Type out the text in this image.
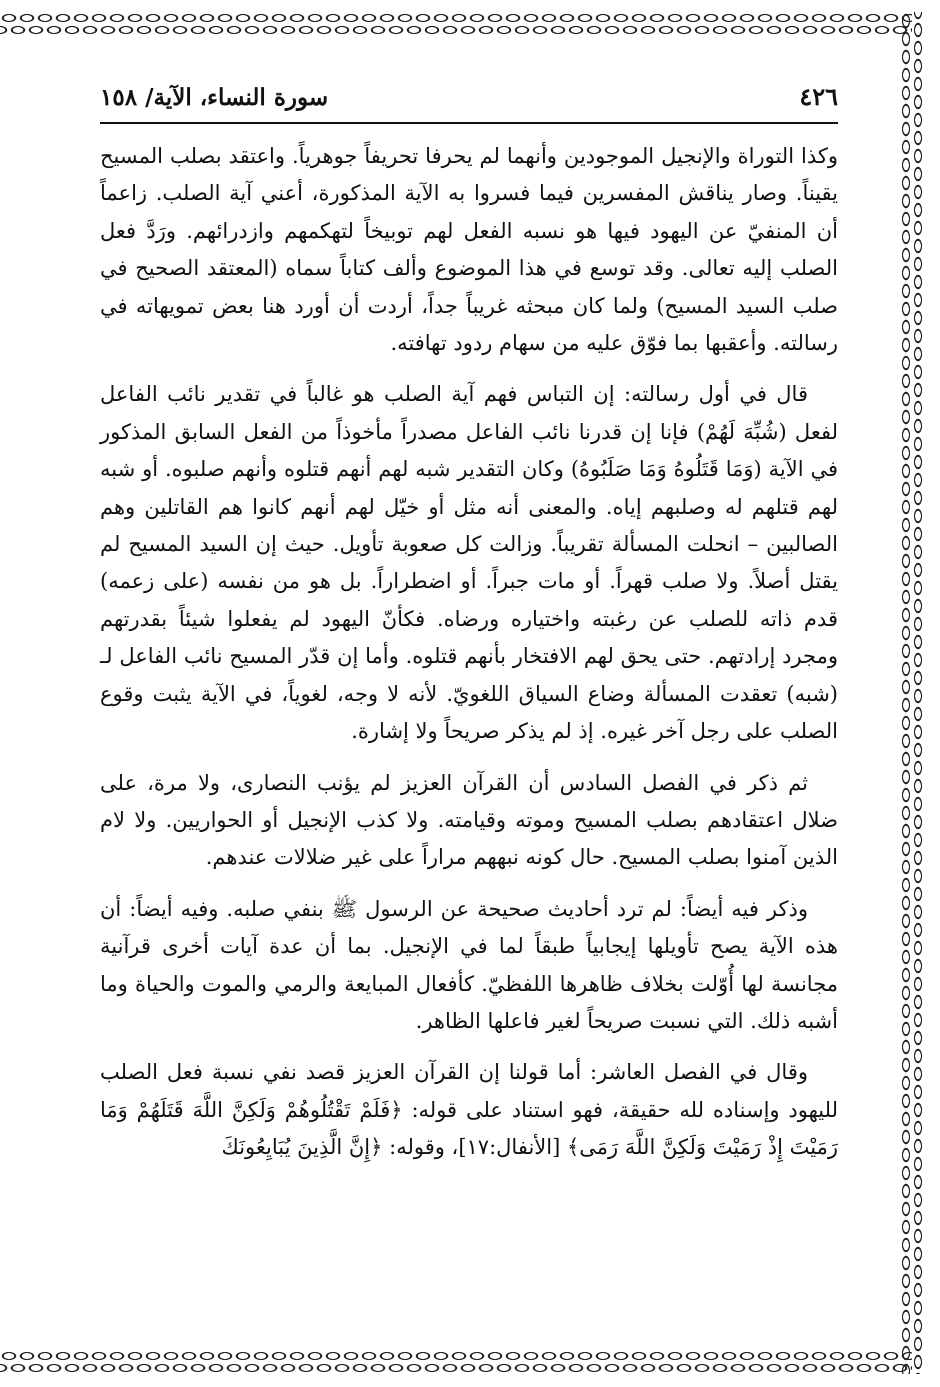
٤٢٦
سورة النساء، الآية/ ١٥٨

وكذا التوراة والإنجيل الموجودين وأنهما لم يحرفا تحريفاً جوهرياً. واعتقد بصلب المسيح يقيناً. وصار يناقش المفسرين فيما فسروا به الآية المذكورة، أعني آية الصلب. زاعماً أن المنفيّ عن اليهود فيها هو نسبه الفعل لهم توبيخاً لتهكمهم وازدرائهم. ورَدَّ فعل الصلب إليه تعالى. وقد توسع في هذا الموضوع وألف كتاباً سماه (المعتقد الصحيح في صلب السيد المسيح) ولما كان مبحثه غريباً جداً، أردت أن أورد هنا بعض تمويهاته في رسالته. وأعقبها بما فوّق عليه من سهام ردود تهافته.

قال في أول رسالته: إن التباس فهم آية الصلب هو غالباً في تقدير نائب الفاعل لفعل (شُبِّهَ لَهُمْ) فإنا إن قدرنا نائب الفاعل مصدراً مأخوذاً من الفعل السابق المذكور في الآية (وَمَا قَتَلُوهُ وَمَا صَلَبُوهُ) وكان التقدير شبه لهم أنهم قتلوه وأنهم صلبوه. أو شبه لهم قتلهم له وصلبهم إياه. والمعنى أنه مثل أو خيّل لهم أنهم كانوا هم القاتلين وهم الصالبين – انحلت المسألة تقريباً. وزالت كل صعوبة تأويل. حيث إن السيد المسيح لم يقتل أصلاً. ولا صلب قهراً. أو مات جبراً. أو اضطراراً. بل هو من نفسه (على زعمه) قدم ذاته للصلب عن رغبته واختياره ورضاه. فكأنّ اليهود لم يفعلوا شيئاً بقدرتهم ومجرد إرادتهم. حتى يحق لهم الافتخار بأنهم قتلوه. وأما إن قدّر المسيح نائب الفاعل لـ (شبه) تعقدت المسألة وضاع السياق اللغويّ. لأنه لا وجه، لغوياً، في الآية يثبت وقوع الصلب على رجل آخر غيره. إذ لم يذكر صريحاً ولا إشارة.

ثم ذكر في الفصل السادس أن القرآن العزيز لم يؤنب النصارى، ولا مرة، على ضلال اعتقادهم بصلب المسيح وموته وقيامته. ولا كذب الإنجيل أو الحواريين. ولا لام الذين آمنوا بصلب المسيح. حال كونه نبههم مراراً على غير ضلالات عندهم.

وذكر فيه أيضاً: لم ترد أحاديث صحيحة عن الرسول ﷺ بنفي صلبه. وفيه أيضاً: أن هذه الآية يصح تأويلها إيجابياً طبقاً لما في الإنجيل. بما أن عدة آيات أخرى قرآنية مجانسة لها أُوّلت بخلاف ظاهرها اللفظيّ. كأفعال المبايعة والرمي والموت والحياة وما أشبه ذلك. التي نسبت صريحاً لغير فاعلها الظاهر.

وقال في الفصل العاشر: أما قولنا إن القرآن العزيز قصد نفي نسبة فعل الصلب لليهود وإسناده لله حقيقة، فهو استناد على قوله: ﴿فَلَمْ تَقْتُلُوهُمْ وَلَكِنَّ اللَّهَ قَتَلَهُمْ وَمَا رَمَيْتَ إِذْ رَمَيْتَ وَلَكِنَّ اللَّهَ رَمَى﴾ [الأنفال:١٧]، وقوله: ﴿إِنَّ الَّذِينَ يُبَايِعُونَكَ
